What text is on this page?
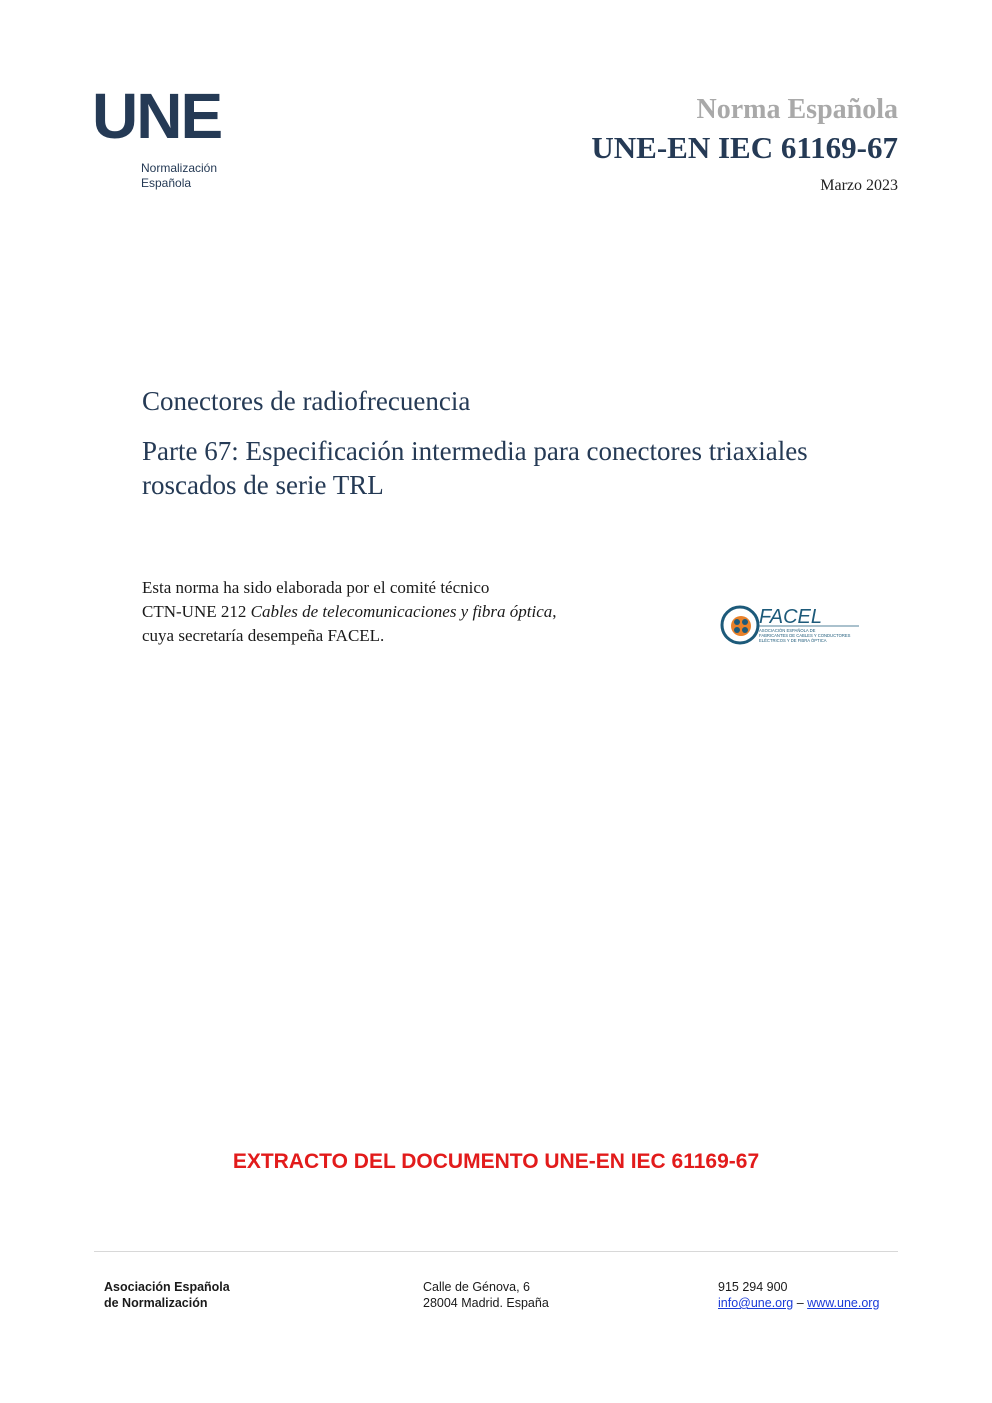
UNE
Normalización
Española
Norma Española
UNE-EN IEC 61169-67
Marzo 2023
Conectores de radiofrecuencia
Parte 67: Especificación intermedia para conectores triaxiales roscados de serie TRL
Esta norma ha sido elaborada por el comité técnico
CTN-UNE 212 Cables de telecomunicaciones y fibra óptica,
cuya secretaría desempeña FACEL.
FACEL
ASOCIACIÓN ESPAÑOLA DE
FABRICANTES DE CABLES Y CONDUCTORES
ELÉCTRICOS Y DE FIBRA ÓPTICA
EXTRACTO DEL DOCUMENTO UNE-EN IEC 61169-67
Asociación Española
de Normalización
Calle de Génova, 6
28004 Madrid. España
915 294 900
info@une.org – www.une.org
